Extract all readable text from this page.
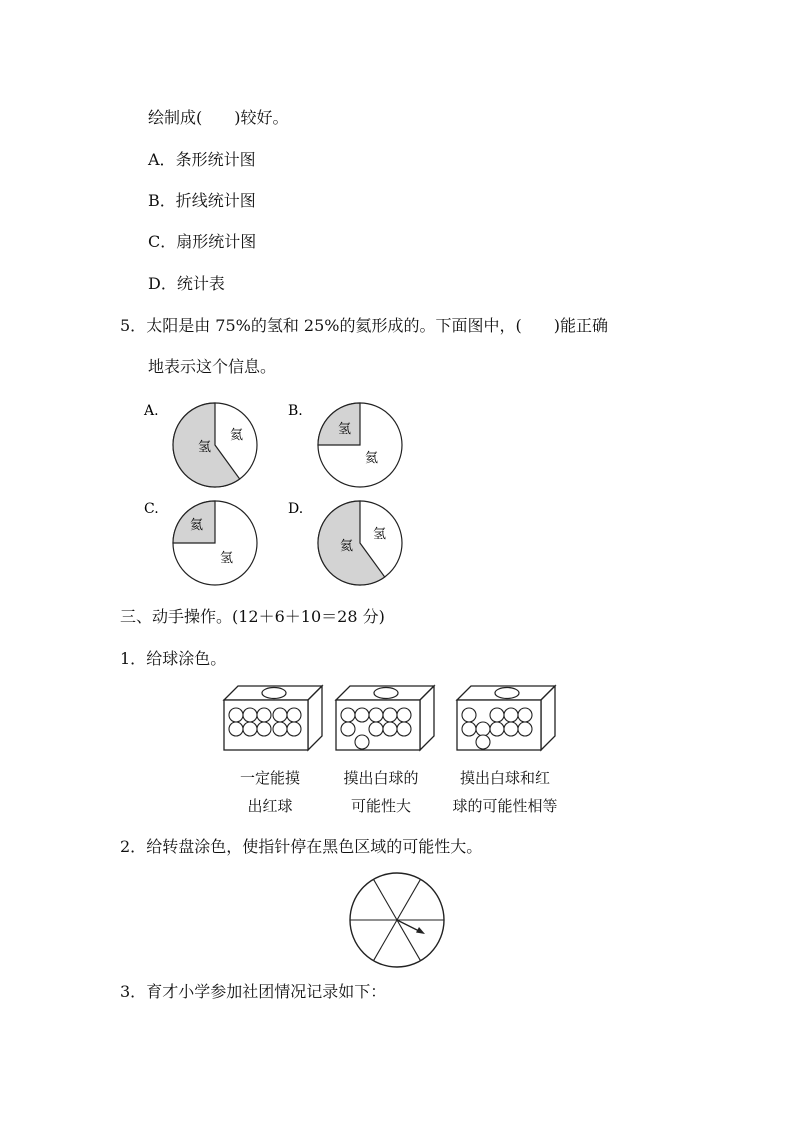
绘制成(　　)较好。
A．条形统计图
B．折线统计图
C．扇形统计图
D．统计表
5．太阳是由 75%的氢和 25%的氦形成的。下面图中，(　　)能正确
地表示这个信息。
A.
氢
氦
B.
氢
氦
C.
氦
氢
D.
氦
氢
三、动手操作。(12＋6＋10＝28 分)
1．给球涂色。
一定能摸
出红球
摸出白球的
可能性大
摸出白球和红
球的可能性相等
2．给转盘涂色，使指针停在黑色区域的可能性大。
3．育才小学参加社团情况记录如下：
